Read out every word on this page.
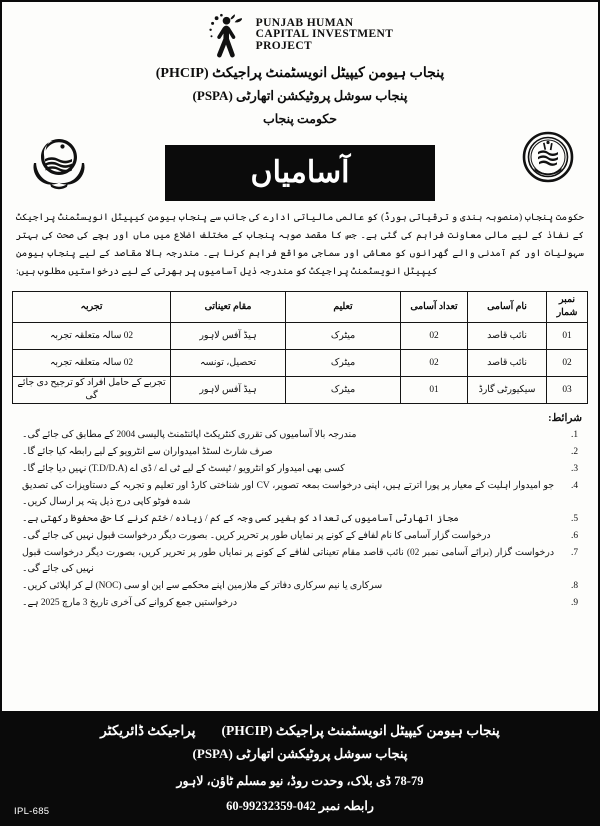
PUNJAB HUMAN
CAPITAL INVESTMENT
PROJECT
پنجاب ہیومن کیپیٹل انویسٹمنٹ پراجیکٹ (PHCIP)
پنجاب سوشل پروٹیکشن اتھارٹی (PSPA)
حکومت پنجاب
آسامیاں

حکومت پنجاب (منصوبہ بندی و ترقیاتی بورڈ) کو عالمی مالیاتی ادارے کی جانب سے پنجاب ہیومن کیپیٹل انویسٹمنٹ پراجیکٹ کے نفاذ کے لیے مالی معاونت فراہم کی گئی ہے۔ جس کا مقصد صوبہ پنجاب کے مختلف اضلاع میں ماں اور بچے کی صحت کی بہتر سہولیات اور کم آمدنی والے گھرانوں کو معاشی اور سماجی مواقع فراہم کرنا ہے۔ مندرجہ بالا مقاصد کے لیے پنجاب ہیومن کیپیٹل انویسٹمنٹ پراجیکٹ کو مندرجہ ذیل آسامیوں پر بھرتی کے لیے درخواستیں مطلوب ہیں:

نمبر شمار	نام آسامی	تعداد آسامی	تعلیم	مقام تعیناتی	تجربہ
01	نائب قاصد	02	میٹرک	ہیڈ آفس لاہور	02 سالہ متعلقہ تجربہ
02	نائب قاصد	02	میٹرک	تحصیل، تونسہ	02 سالہ متعلقہ تجربہ
03	سیکیورٹی گارڈ	01	میٹرک	ہیڈ آفس لاہور	تجربے کے حامل افراد کو ترجیح دی جائے گی
شرائط:
1.
مندرجہ بالا آسامیوں کی تقرری کنٹریکٹ اپائنٹمنٹ پالیسی 2004 کے مطابق کی جائے گی۔
2.
صرف شارٹ لسٹڈ امیدواران سے انٹرویو کے لیے رابطہ کیا جائے گا۔
3.
کسی بھی امیدوار کو انٹرویو / ٹیسٹ کے لیے ٹی اے / ڈی اے (T.D/D.A) نہیں دیا جائے گا۔
4.
جو امیدوار اہلیت کے معیار پر پورا اترتے ہیں، اپنی درخواست بمعہ تصویر، CV اور شناختی کارڈ اور تعلیم و تجربہ کے دستاویزات کی تصدیق شدہ فوٹو کاپی درج ذیل پتہ پر ارسال کریں۔
5.
مجاز اتھارٹی آسامیوں کی تعداد کو بغیر کسی وجہ کے کم / زیادہ / ختم کرنے کا حق محفوظ رکھتی ہے۔
6.
درخواست گزار آسامی کا نام لفافے کے کونے پر نمایاں طور پر تحریر کریں۔ بصورت دیگر درخواست قبول نہیں کی جائے گی۔
7.
درخواست گزار (برائے آسامی نمبر 02) نائب قاصد مقام تعیناتی لفافے کے کونے پر نمایاں طور پر تحریر کریں، بصورت دیگر درخواست قبول نہیں کی جائے گی۔
8.
سرکاری یا نیم سرکاری دفاتر کے ملازمین اپنے محکمے سے این او سی (NOC) لے کر اپلائی کریں۔
9.
درخواستیں جمع کروانے کی آخری تاریخ 3 مارچ 2025 ہے۔
پنجاب ہیومن کیپیٹل انویسٹمنٹ پراجیکٹ (PHCIP)
پراجیکٹ ڈائریکٹر
پنجاب سوشل پروٹیکشن اتھارٹی (PSPA)
78-79 ڈی بلاک، وحدت روڈ، نیو مسلم ٹاؤن، لاہور
رابطہ نمبر 042-99232359-60
IPL-685
